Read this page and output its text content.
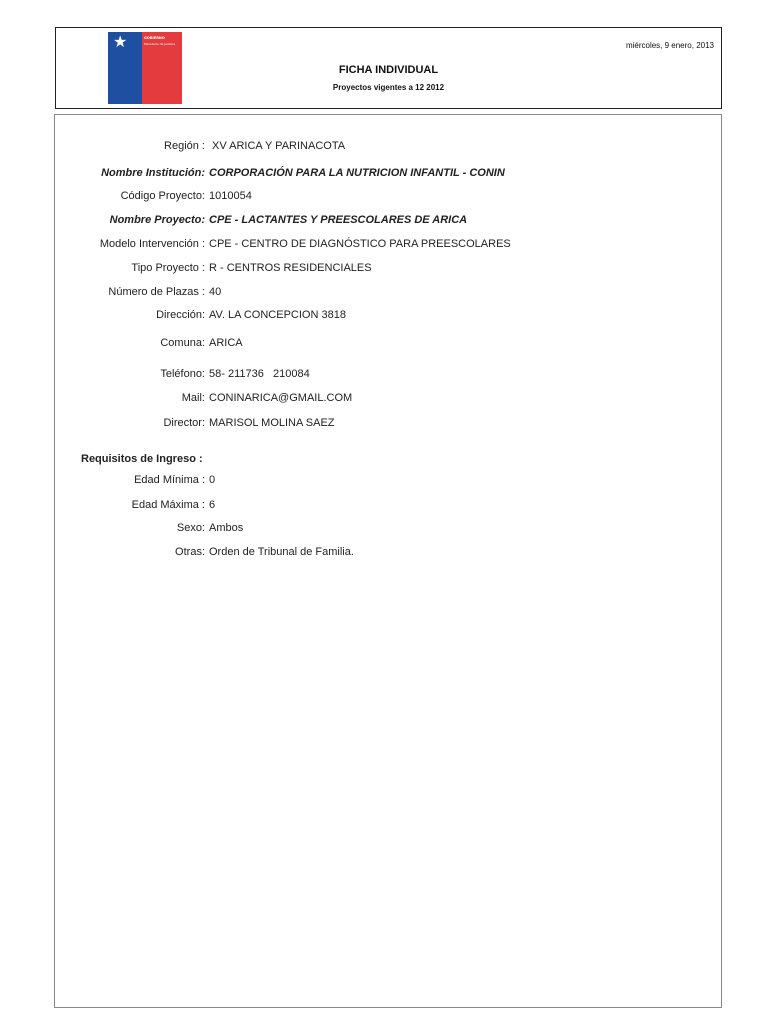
★
Gobierno de Chile
GOBIERNO
Ministerio de Justicia	miércoles, 9 enero, 2013
FICHA INDIVIDUAL
Proyectos vigentes a 12 2012
Región : XV ARICA Y PARINACOTA
Nombre Institución: CORPORACIÓN PARA LA NUTRICION INFANTIL - CONIN
Código Proyecto: 1010054
Nombre Proyecto: CPE - LACTANTES Y PREESCOLARES DE ARICA
Modelo Intervención : CPE - CENTRO DE DIAGNÓSTICO PARA PREESCOLARES
Tipo Proyecto : R - CENTROS RESIDENCIALES
Número de Plazas : 40
Dirección: AV. LA CONCEPCION 3818
Comuna: ARICA
Teléfono: 58- 211736   210084
Mail: CONINARICA@GMAIL.COM
Director: MARISOL MOLINA SAEZ
Requisitos de Ingreso :
Edad Mínima : 0
Edad Máxima : 6
Sexo: Ambos
Otras: Orden de Tribunal de Familia.
